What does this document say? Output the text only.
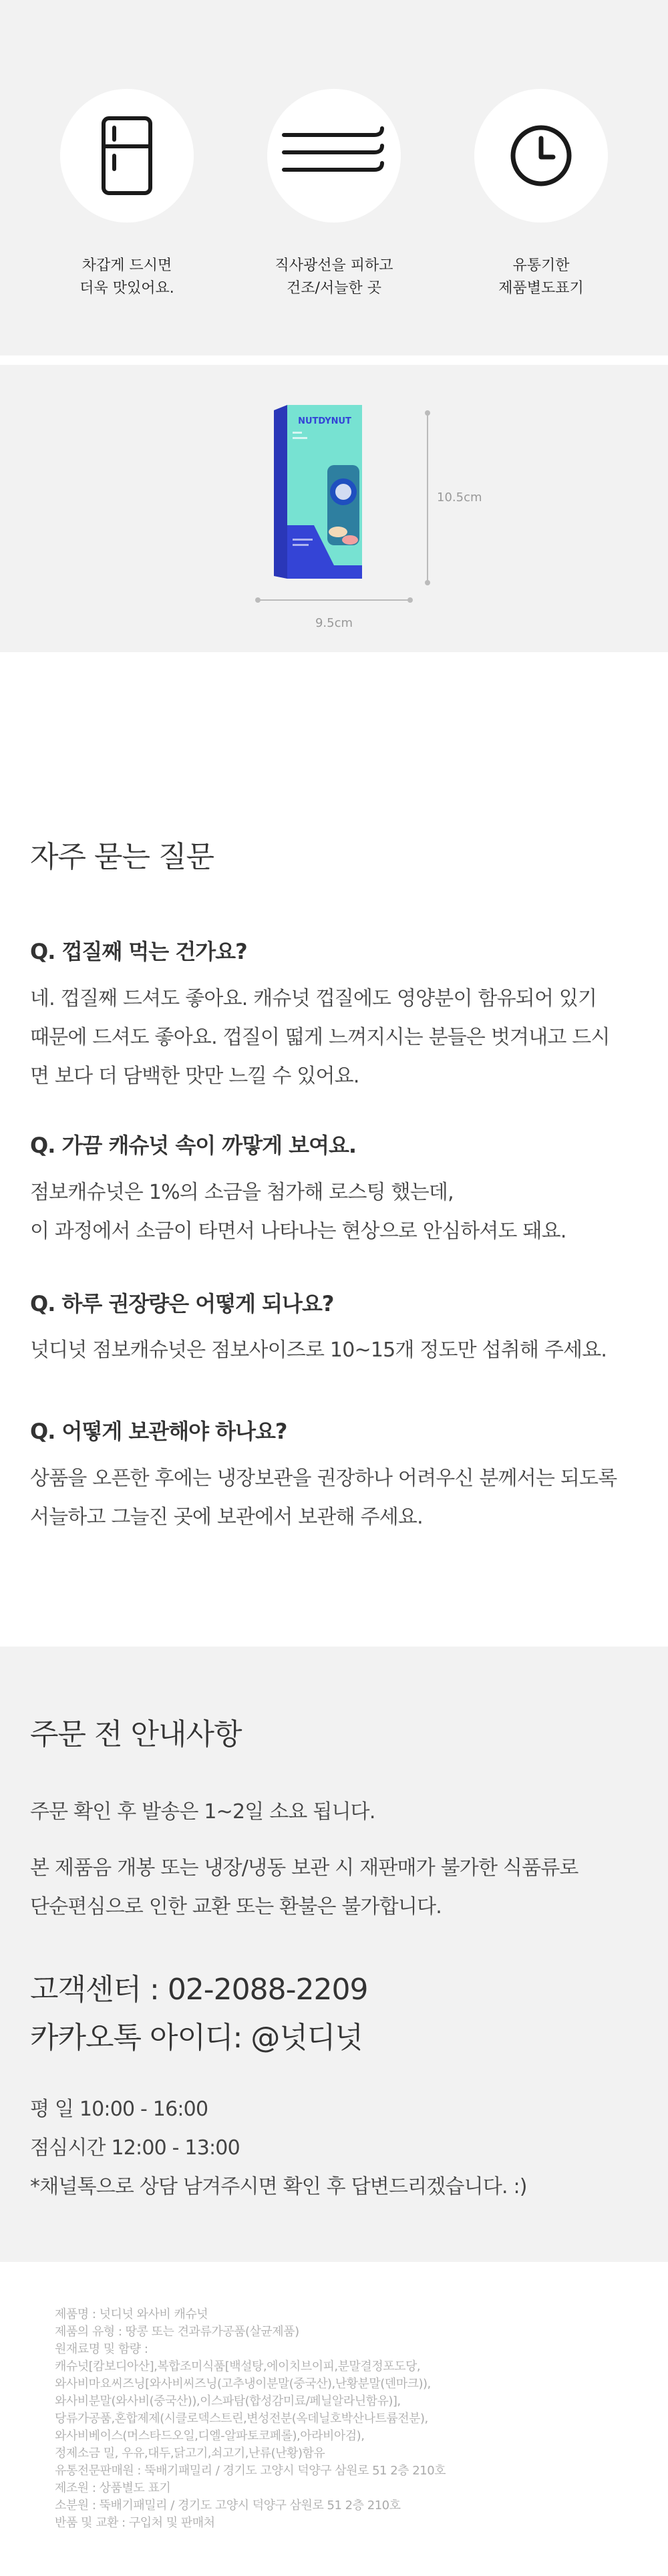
차갑게 드시면
더욱 맛있어요.
직사광선을 피하고
건조/서늘한 곳
유통기한
제품별도표기
NUTDYNUT
10.5cm
9.5cm
자주 묻는 질문
Q. 껍질째 먹는 건가요?
네. 껍질째 드셔도 좋아요. 캐슈넛 껍질에도 영양분이 함유되어 있기
때문에 드셔도 좋아요. 껍질이 떫게 느껴지시는 분들은 벗겨내고 드시
면 보다 더 담백한 맛만 느낄 수 있어요.
Q. 가끔 캐슈넛 속이 까맣게 보여요.
점보캐슈넛은 1%의 소금을 첨가해 로스팅 했는데,
이 과정에서 소금이 타면서 나타나는 현상으로 안심하셔도 돼요.
Q. 하루 권장량은 어떻게 되나요?
넛디넛 점보캐슈넛은 점보사이즈로 10~15개 정도만 섭취해 주세요.
Q. 어떻게 보관해야 하나요?
상품을 오픈한 후에는 냉장보관을 권장하나 어려우신 분께서는 되도록
서늘하고 그늘진 곳에 보관에서 보관해 주세요.
주문 전 안내사항
주문 확인 후 발송은 1~2일 소요 됩니다.
본 제품음 개봉 또는 냉장/냉동 보관 시 재판매가 불가한 식품류로
단순편심으로 인한 교환 또는 환불은 불가합니다.
고객센터 : 02-2088-2209
카카오톡 아이디: @넛디넛
평 일 10:00 - 16:00
점심시간 12:00 - 13:00
*채널톡으로 상담 남겨주시면 확인 후 답변드리겠습니다. :)
제품명 : 넛디넛 와사비 캐슈넛
제품의 유형 : 땅콩 또는 견과류가공품(살균제품)
원재료명 및 함량 :
캐슈넛[캄보디아산],복합조미식품[백설탕,에이치브이피,분말결정포도당,
와사비마요씨즈닝[와사비씨즈닝(고추냉이분말(중국산),난황분말(덴마크)),
와사비분말(와사비(중국산)),이스파탐(합성감미료/페닐알라닌함유)],
당류가공품,혼합제제(시클로덱스트린,변성전분(옥데닐호박산나트륨전분),
와사비베이스(머스타드오일,디엘-알파토코페롤),아라비아검),
정제소금 밀, 우유,대두,닭고기,쇠고기,난류(난황)함유
유통전문판매원 : 뚝배기패밀리 / 경기도 고양시 덕양구 삼원로 51 2층 210호
제조원 : 상품별도 표기
소분원 : 뚝배기패밀리 / 경기도 고양시 덕양구 삼원로 51 2층 210호
반품 및 교환 : 구입처 및 판매처
